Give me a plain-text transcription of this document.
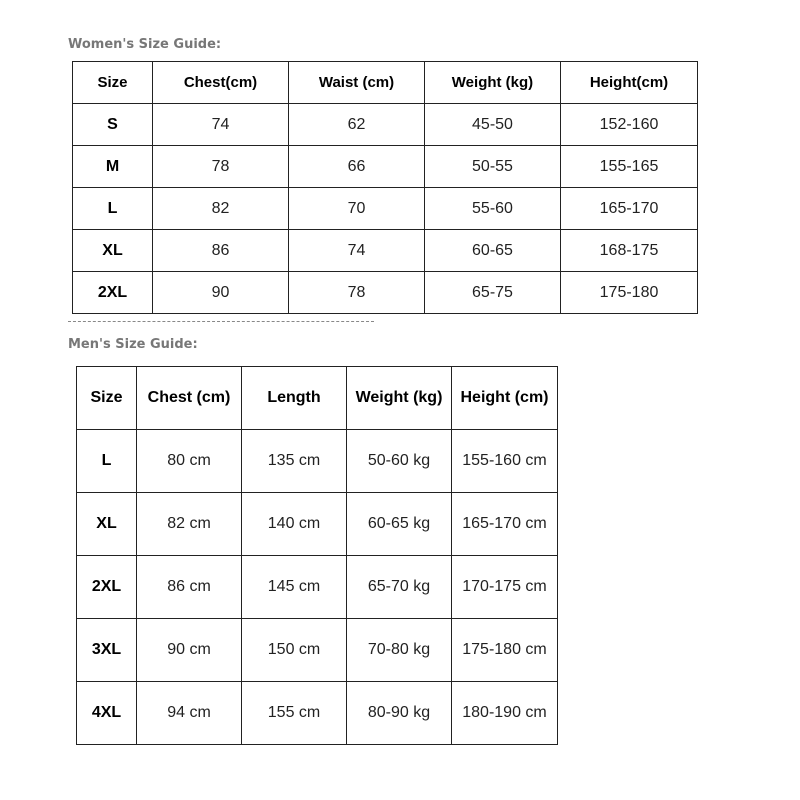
Women's Size Guide:
Size	Chest(cm)	Waist (cm)	Weight (kg)	Height(cm)
S	74	62	45-50	152-160
M	78	66	50-55	155-165
L	82	70	55-60	165-170
XL	86	74	60-65	168-175
2XL	90	78	65-75	175-180
Men's Size Guide:
Size	Chest (cm)	Length	Weight (kg)	Height (cm)
L	80 cm	135 cm	50-60 kg	155-160 cm
XL	82 cm	140 cm	60-65 kg	165-170 cm
2XL	86 cm	145 cm	65-70 kg	170-175 cm
3XL	90 cm	150 cm	70-80 kg	175-180 cm
4XL	94 cm	155 cm	80-90 kg	180-190 cm
